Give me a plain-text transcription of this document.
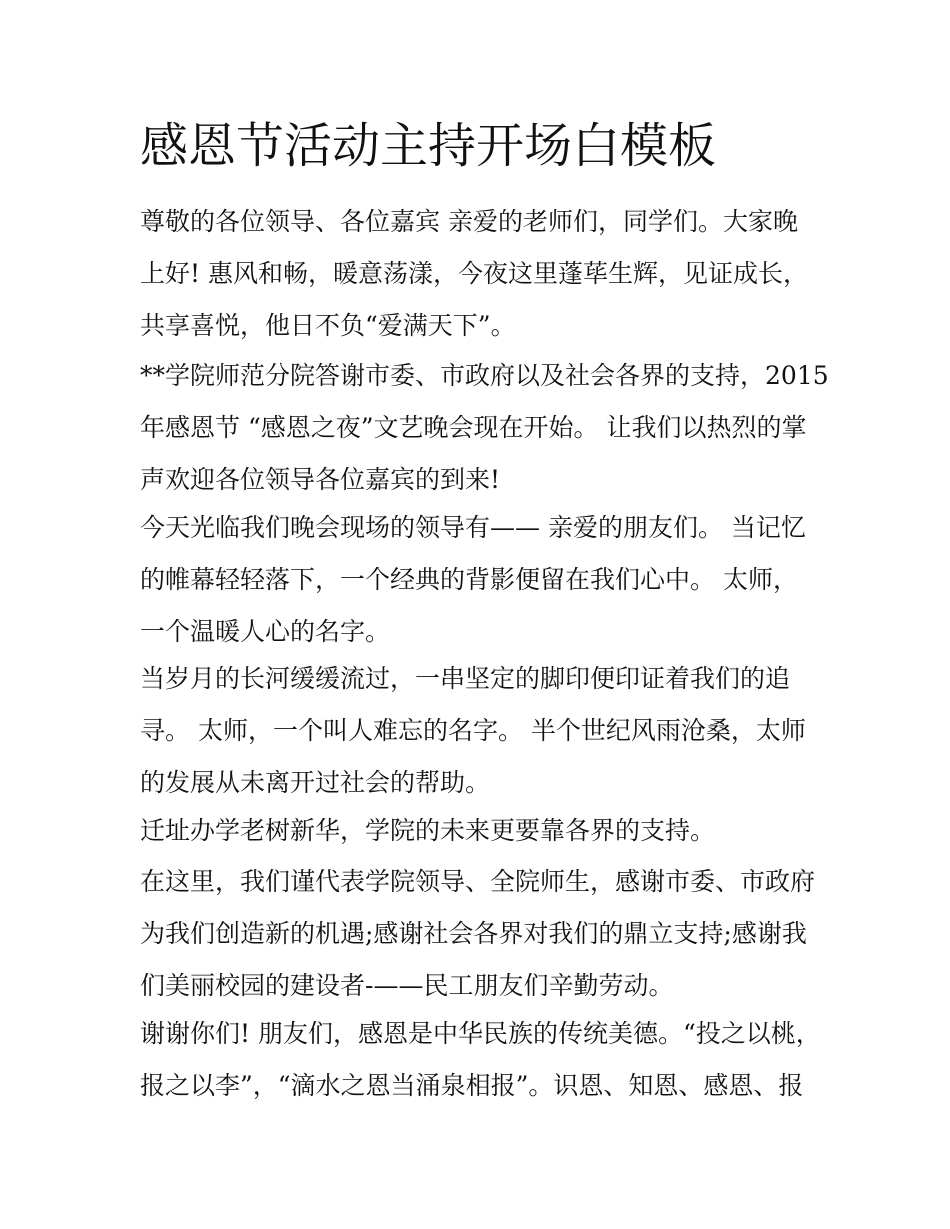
感恩节活动主持开场白模板
尊敬的各位领导、各位嘉宾 亲爱的老师们，同学们。大家晚
上好! 惠风和畅，暖意荡漾，今夜这里蓬荜生辉，见证成长，
共享喜悦，他日不负“爱满天下”。
**学院师范分院答谢市委、市政府以及社会各界的支持，2015
年感恩节 “感恩之夜”文艺晚会现在开始。 让我们以热烈的掌
声欢迎各位领导各位嘉宾的到来!
今天光临我们晚会现场的领导有—— 亲爱的朋友们。 当记忆
的帷幕轻轻落下，一个经典的背影便留在我们心中。 太师，
一个温暖人心的名字。
当岁月的长河缓缓流过，一串坚定的脚印便印证着我们的追
寻。 太师，一个叫人难忘的名字。 半个世纪风雨沧桑，太师
的发展从未离开过社会的帮助。
迁址办学老树新华，学院的未来更要靠各界的支持。
在这里，我们谨代表学院领导、全院师生，感谢市委、市政府
为我们创造新的机遇;感谢社会各界对我们的鼎立支持;感谢我
们美丽校园的建设者-——民工朋友们辛勤劳动。
谢谢你们! 朋友们，感恩是中华民族的传统美德。“投之以桃，
报之以李”，“滴水之恩当涌泉相报”。识恩、知恩、感恩、报
